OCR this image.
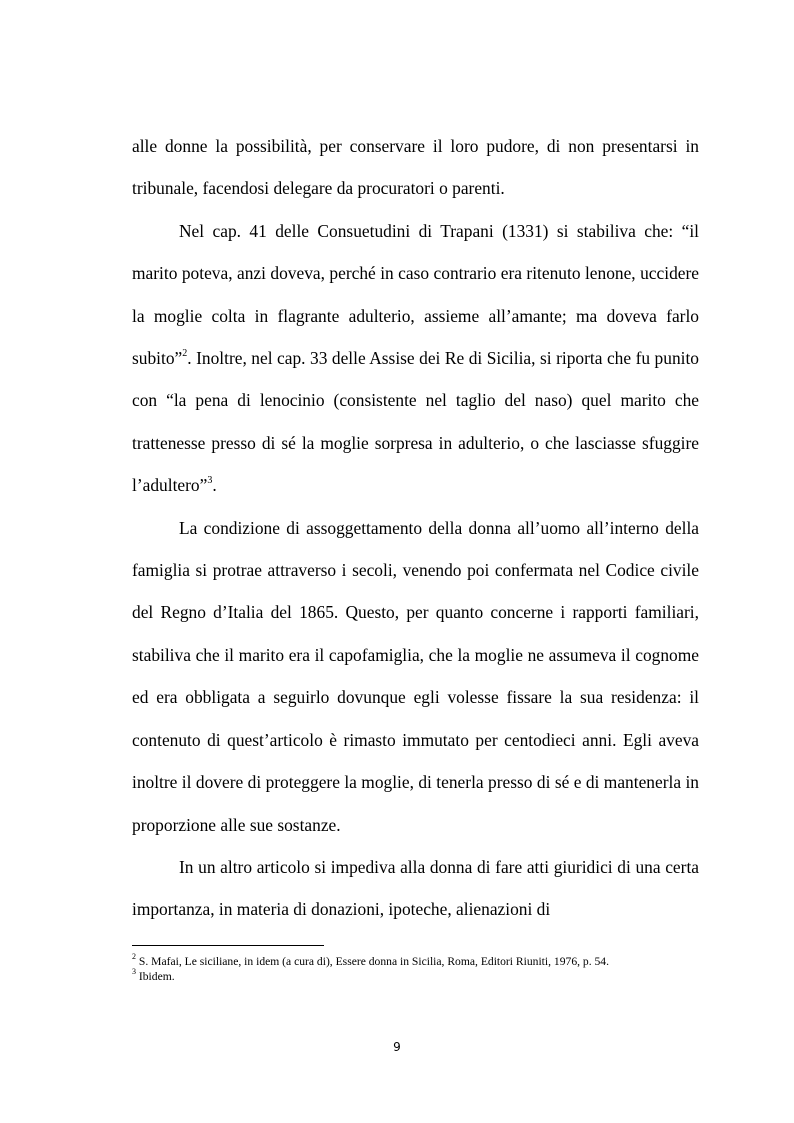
alle donne la possibilità, per conservare il loro pudore, di non presentarsi in tribunale, facendosi delegare da procuratori o parenti.

Nel cap. 41 delle Consuetudini di Trapani (1331) si stabiliva che: “il marito poteva, anzi doveva, perché in caso contrario era ritenuto lenone, uccidere la moglie colta in flagrante adulterio, assieme all’amante; ma doveva farlo subito”$^2$. Inoltre, nel cap. 33 delle Assise dei Re di Sicilia, si riporta che fu punito con “la pena di lenocinio (consistente nel taglio del naso) quel marito che trattenesse presso di sé la moglie sorpresa in adulterio, o che lasciasse sfuggire l’adultero”$^3$.

La condizione di assoggettamento della donna all’uomo all’interno della famiglia si protrae attraverso i secoli, venendo poi confermata nel Codice civile del Regno d’Italia del 1865. Questo, per quanto concerne i rapporti familiari, stabiliva che il marito era il capofamiglia, che la moglie ne assumeva il cognome ed era obbligata a seguirlo dovunque egli volesse fissare la sua residenza: il contenuto di quest’articolo è rimasto immutato per centodieci anni. Egli aveva inoltre il dovere di proteggere la moglie, di tenerla presso di sé e di mantenerla in proporzione alle sue sostanze.

In un altro articolo si impediva alla donna di fare atti giuridici di una certa importanza, in materia di donazioni, ipoteche, alienazioni di

$^2$ S. Mafai, Le siciliane, in idem (a cura di), Essere donna in Sicilia, Roma, Editori Riuniti, 1976, p. 54.
$^3$ Ibidem.
9
